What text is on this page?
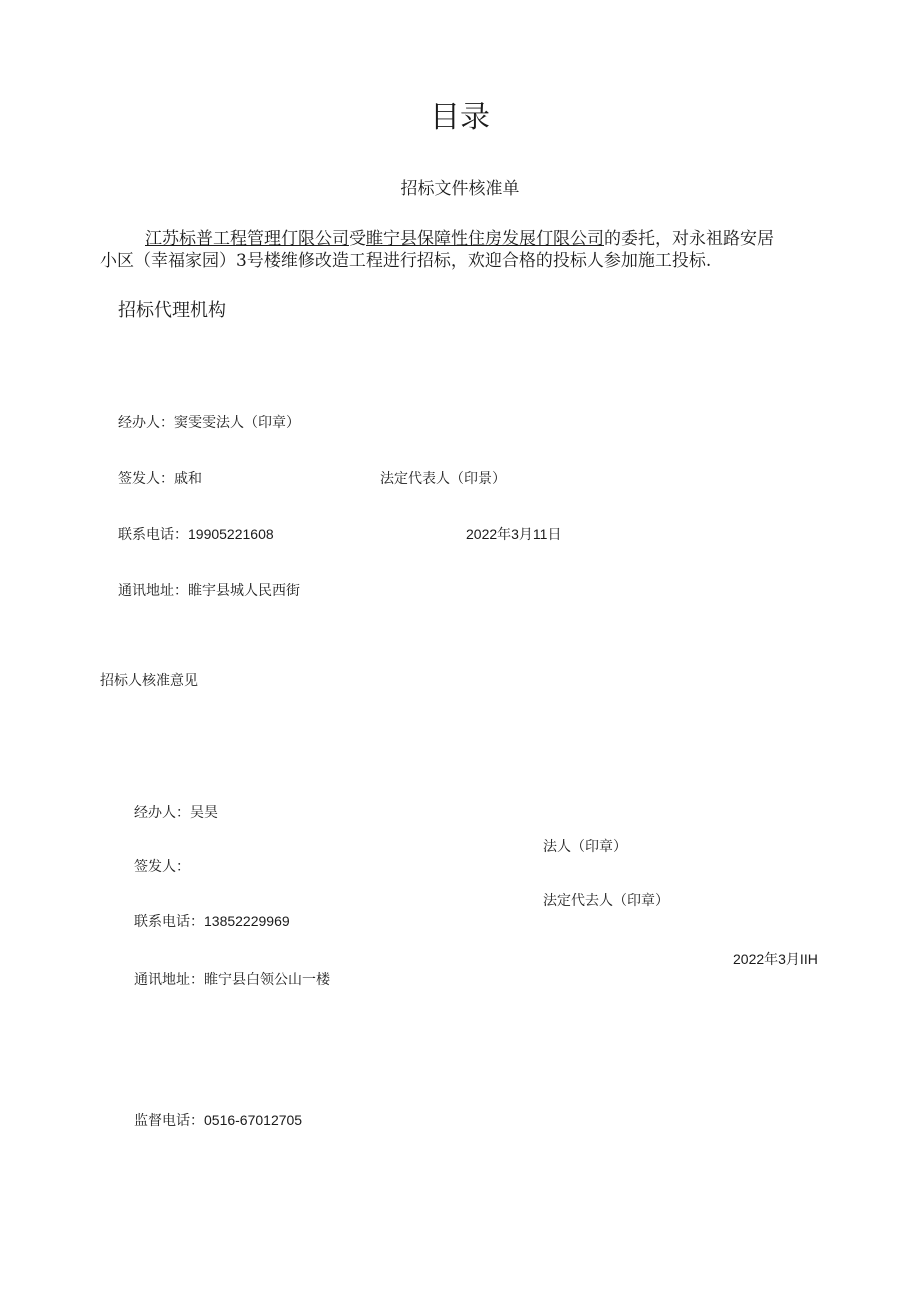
目录
招标文件核准单
江苏标普工程管理仃限公司受睢宁县保障性住房发展仃限公司的委托，对永祖路安居
小区（幸福家园）3号楼维修改造工程进行招标，欢迎合格的投标人参加施工投标.
招标代理机构
经办人：窦雯雯法人（印章）
签发人：戚和	法定代表人（印景）
联系电话：19905221608	2022年3月11日
通讯地址：睢宇县城人民西街
招标人核准意见
经办人：吴昊
法人（印章）
签发人：
法定代去人（印章）
联系电话：13852229969
2022年3月IIH
通讯地址：睢宁县白领公山一楼
监督电话：0516-67012705
